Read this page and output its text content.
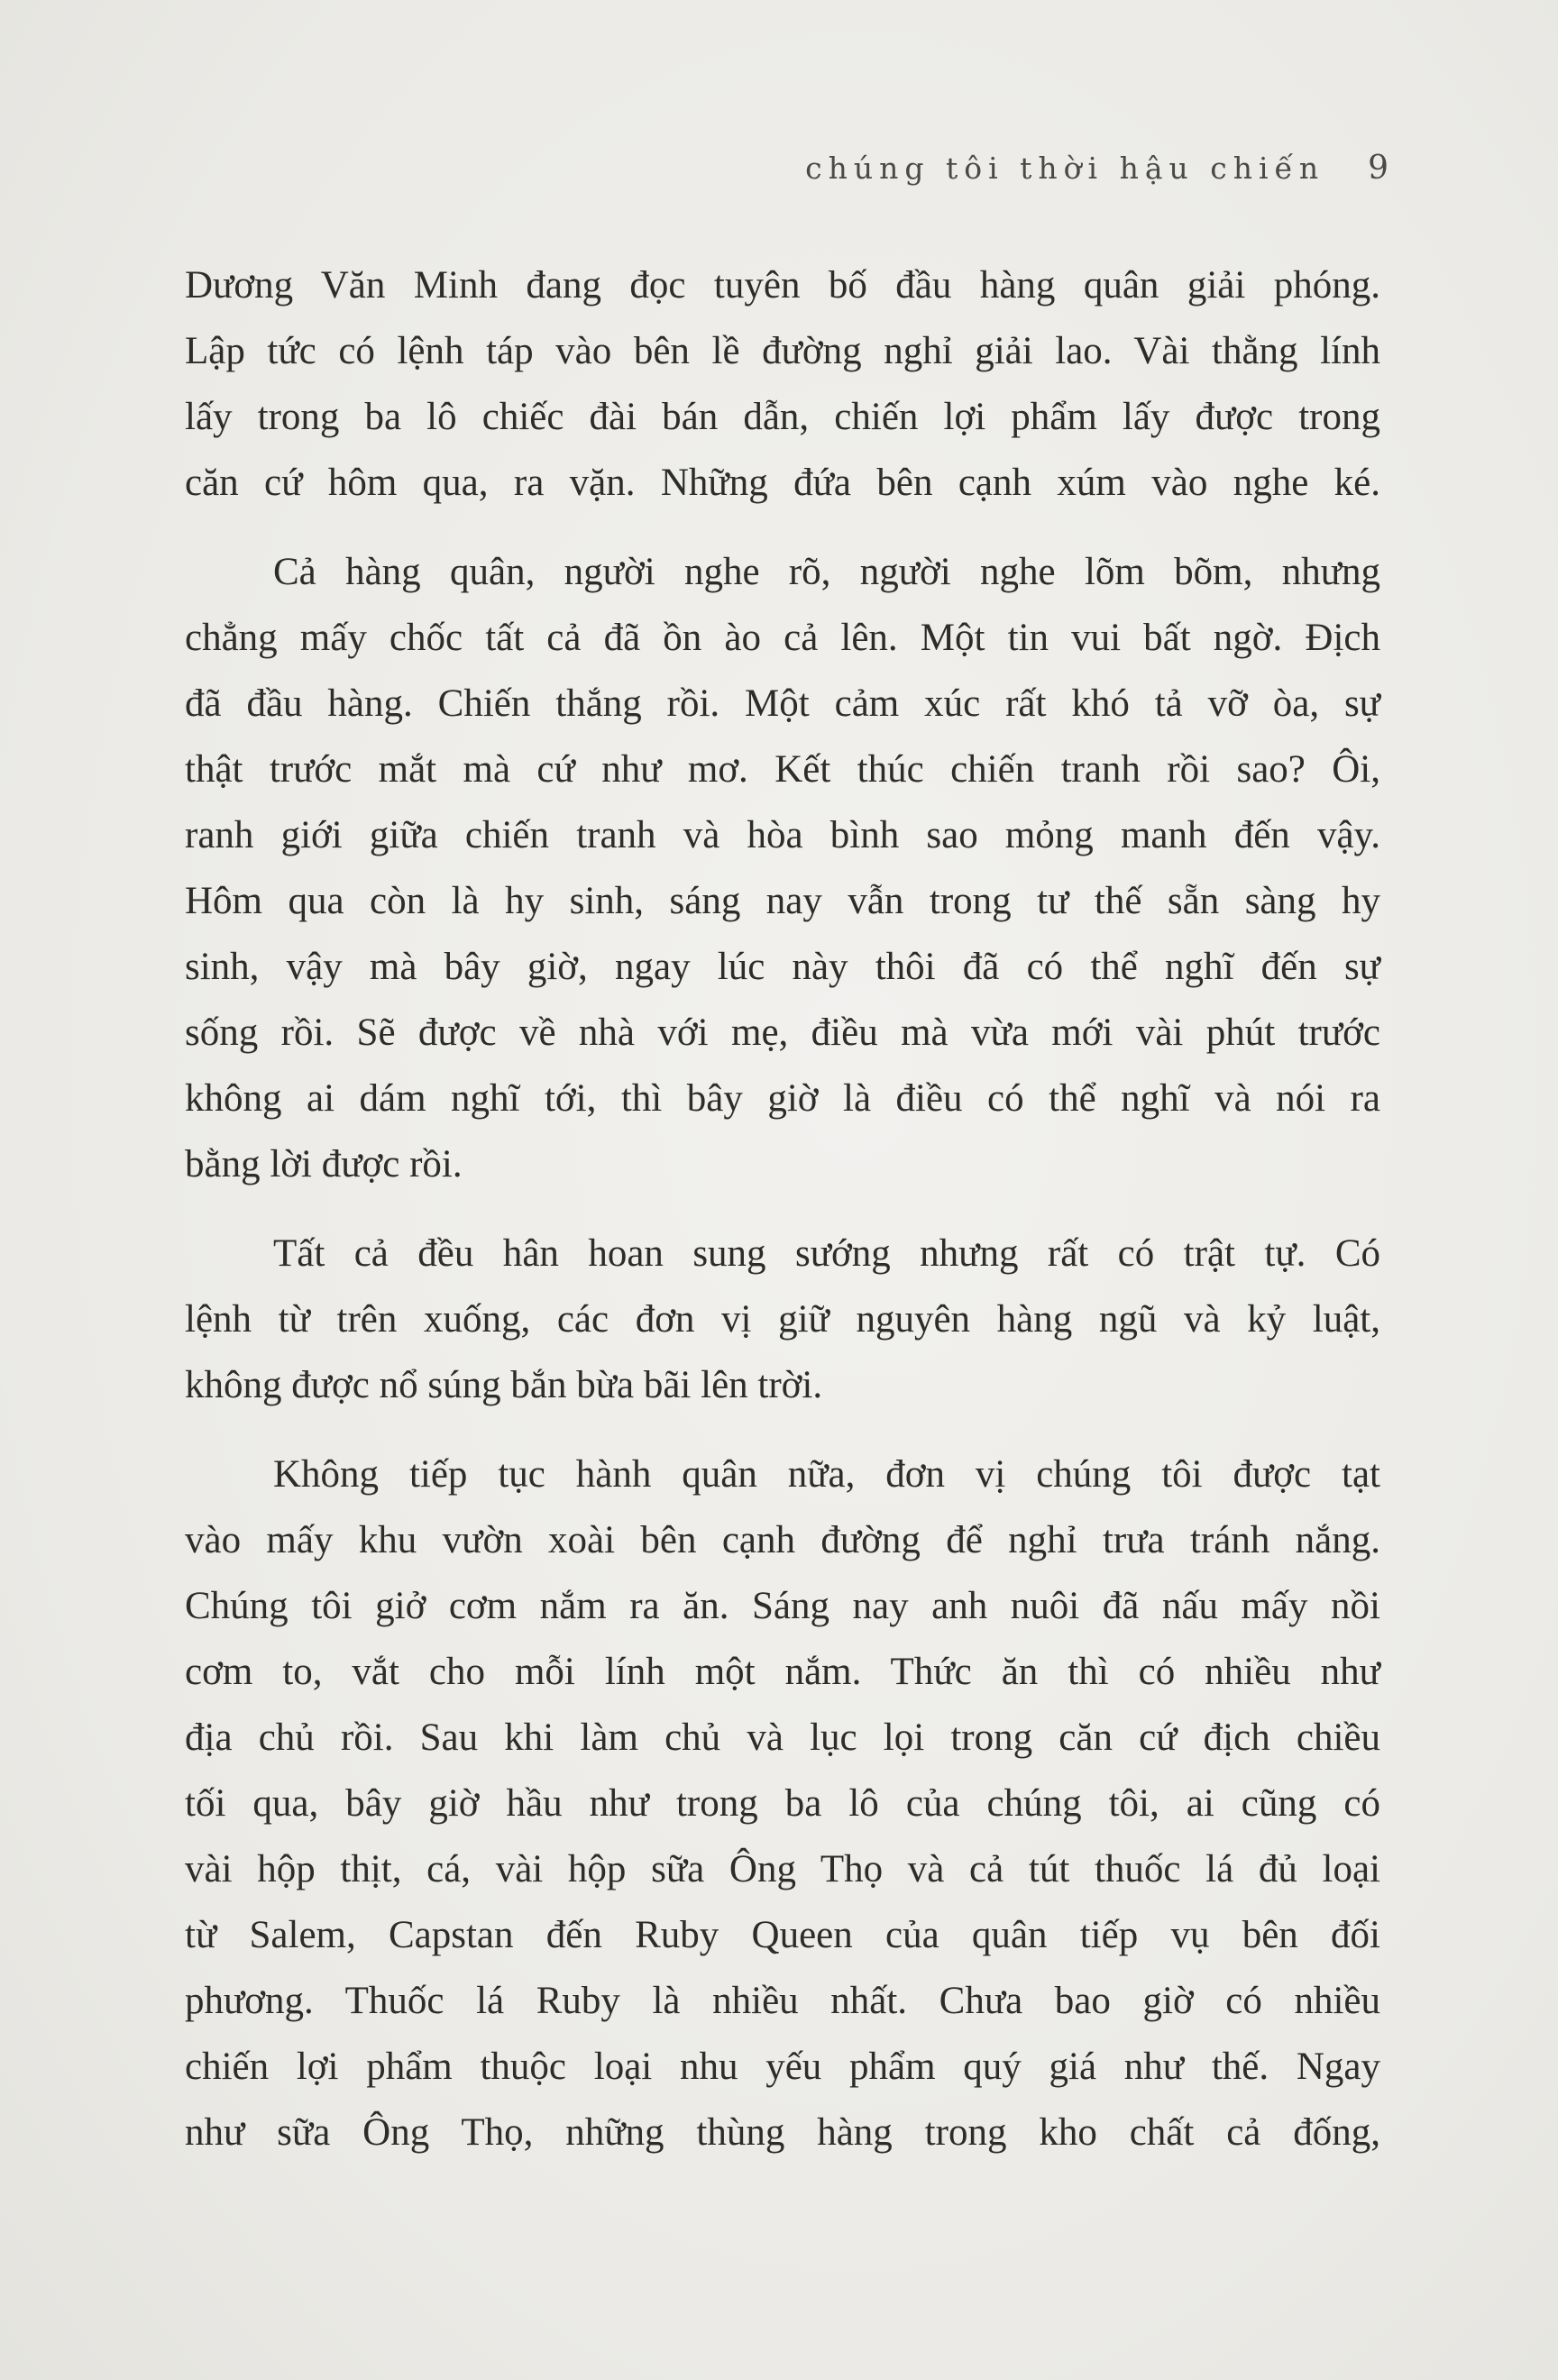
chúng tôi thời hậu chiến 9
Dương Văn Minh đang đọc tuyên bố đầu hàng quân giải phóng.
Lập tức có lệnh táp vào bên lề đường nghỉ giải lao. Vài thằng lính
lấy trong ba lô chiếc đài bán dẫn, chiến lợi phẩm lấy được trong
căn cứ hôm qua, ra vặn. Những đứa bên cạnh xúm vào nghe ké.
Cả hàng quân, người nghe rõ, người nghe lõm bõm, nhưng
chẳng mấy chốc tất cả đã ồn ào cả lên. Một tin vui bất ngờ. Địch
đã đầu hàng. Chiến thắng rồi. Một cảm xúc rất khó tả vỡ òa, sự
thật trước mắt mà cứ như mơ. Kết thúc chiến tranh rồi sao? Ôi,
ranh giới giữa chiến tranh và hòa bình sao mỏng manh đến vậy.
Hôm qua còn là hy sinh, sáng nay vẫn trong tư thế sẵn sàng hy
sinh, vậy mà bây giờ, ngay lúc này thôi đã có thể nghĩ đến sự
sống rồi. Sẽ được về nhà với mẹ, điều mà vừa mới vài phút trước
không ai dám nghĩ tới, thì bây giờ là điều có thể nghĩ và nói ra
bằng lời được rồi.
Tất cả đều hân hoan sung sướng nhưng rất có trật tự. Có
lệnh từ trên xuống, các đơn vị giữ nguyên hàng ngũ và kỷ luật,
không được nổ súng bắn bừa bãi lên trời.
Không tiếp tục hành quân nữa, đơn vị chúng tôi được tạt
vào mấy khu vườn xoài bên cạnh đường để nghỉ trưa tránh nắng.
Chúng tôi giở cơm nắm ra ăn. Sáng nay anh nuôi đã nấu mấy nồi
cơm to, vắt cho mỗi lính một nắm. Thức ăn thì có nhiều như
địa chủ rồi. Sau khi làm chủ và lục lọi trong căn cứ địch chiều
tối qua, bây giờ hầu như trong ba lô của chúng tôi, ai cũng có
vài hộp thịt, cá, vài hộp sữa Ông Thọ và cả tút thuốc lá đủ loại
từ Salem, Capstan đến Ruby Queen của quân tiếp vụ bên đối
phương. Thuốc lá Ruby là nhiều nhất. Chưa bao giờ có nhiều
chiến lợi phẩm thuộc loại nhu yếu phẩm quý giá như thế. Ngay
như sữa Ông Thọ, những thùng hàng trong kho chất cả đống,
